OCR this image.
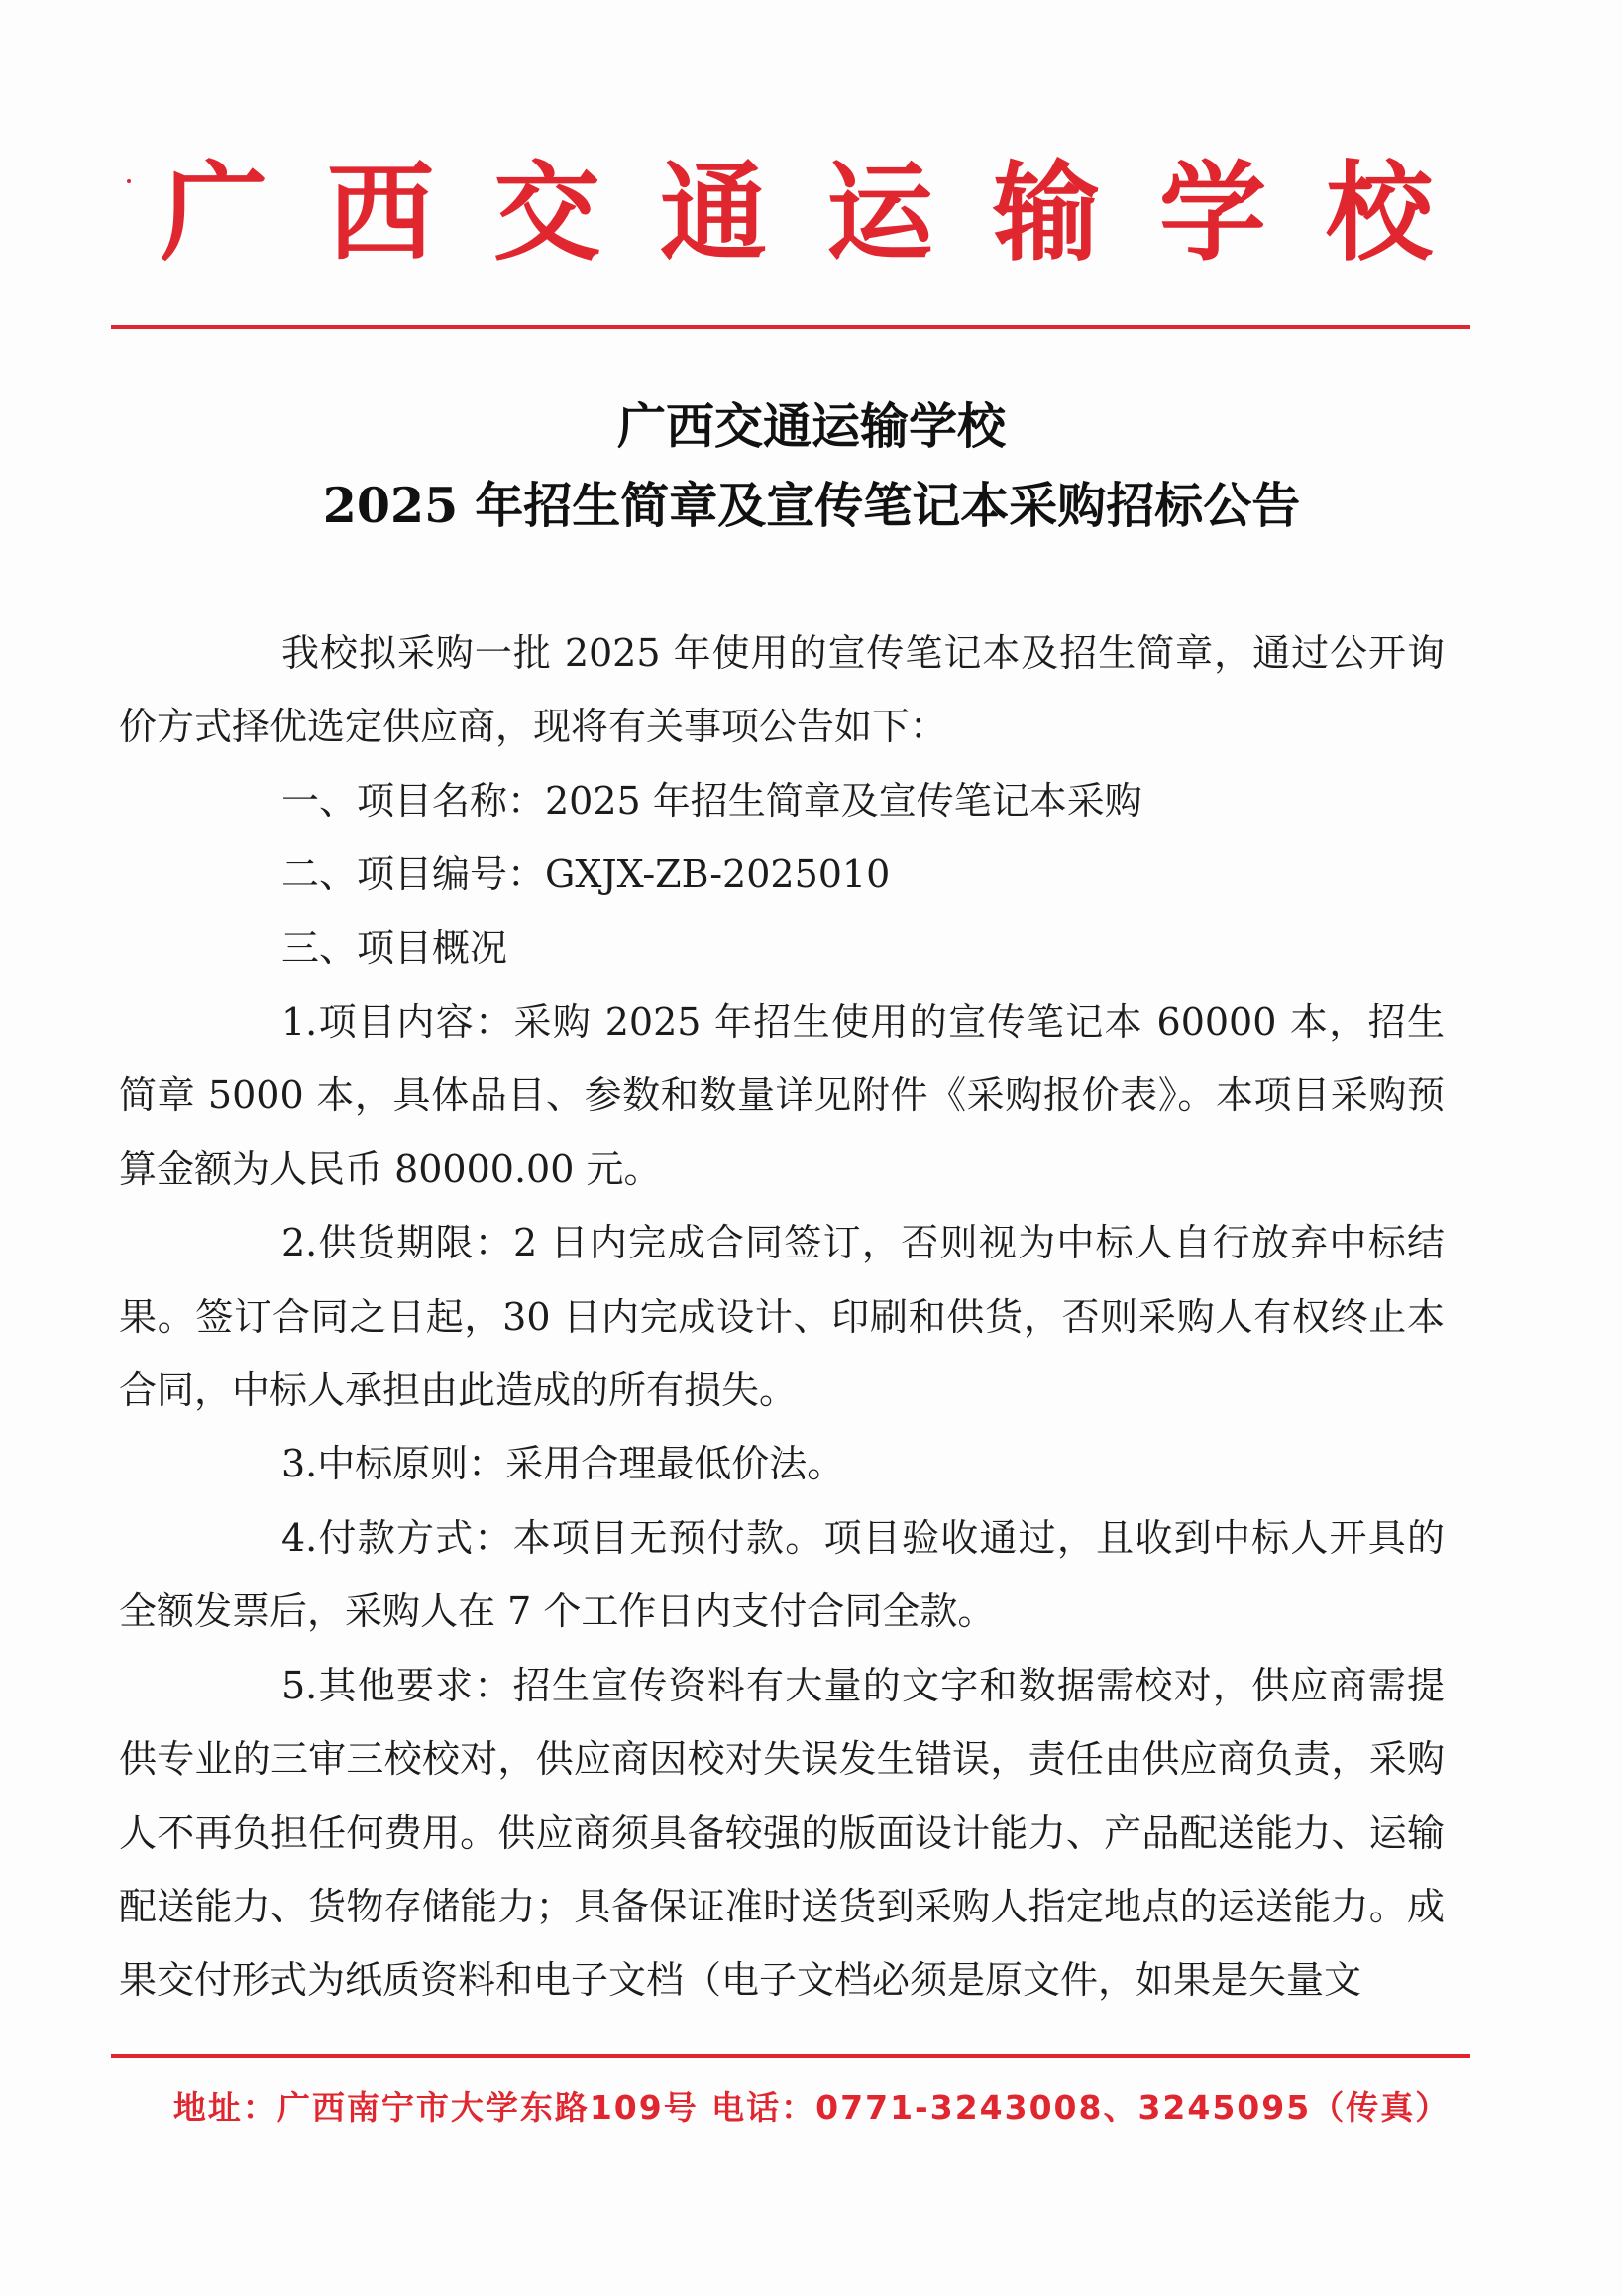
广西交通运输学校
广西交通运输学校
2025 年招生简章及宣传笔记本采购招标公告

我校拟采购一批 2025 年使用的宣传笔记本及招生简章，通过公开询价方式择优选定供应商，现将有关事项公告如下：

一、项目名称：2025 年招生简章及宣传笔记本采购

二、项目编号：GXJX-ZB-2025010

三、项目概况

1.项目内容：采购 2025 年招生使用的宣传笔记本 60000 本，招生简章 5000 本，具体品目、参数和数量详见附件《采购报价表》。本项目采购预算金额为人民币 80000.00 元。

2.供货期限：2 日内完成合同签订，否则视为中标人自行放弃中标结果。签订合同之日起，30 日内完成设计、印刷和供货，否则采购人有权终止本合同，中标人承担由此造成的所有损失。

3.中标原则：采用合理最低价法。

4.付款方式：本项目无预付款。项目验收通过，且收到中标人开具的全额发票后，采购人在 7 个工作日内支付合同全款。

5.其他要求：招生宣传资料有大量的文字和数据需校对，供应商需提供专业的三审三校校对，供应商因校对失误发生错误，责任由供应商负责，采购人不再负担任何费用。供应商须具备较强的版面设计能力、产品配送能力、运输配送能力、货物存储能力；具备保证准时送货到采购人指定地点的运送能力。成果交付形式为纸质资料和电子文档（电子文档必须是原文件，如果是矢量文

地址：广西南宁市大学东路109号 电话：0771-3243008、3245095（传真）
